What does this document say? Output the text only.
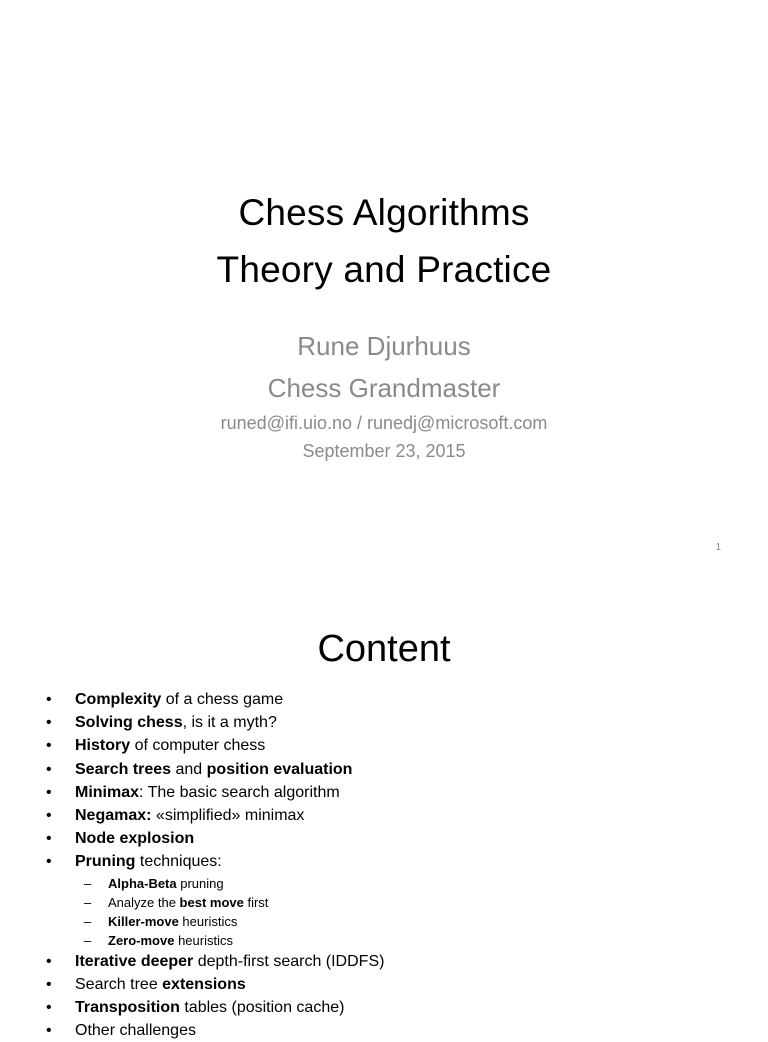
Chess Algorithms
Theory and Practice
Rune Djurhuus
Chess Grandmaster
runed@ifi.uio.no / runedj@microsoft.com
September 23, 2015
1
Content
• Complexity of a chess game
• Solving chess, is it a myth?
• History of computer chess
• Search trees and position evaluation
• Minimax: The basic search algorithm
• Negamax: «simplified» minimax
• Node explosion
• Pruning techniques:
– Alpha-Beta pruning
– Analyze the best move first
– Killer-move heuristics
– Zero-move heuristics
• Iterative deeper depth-first search (IDDFS)
• Search tree extensions
• Transposition tables (position cache)
• Other challenges
